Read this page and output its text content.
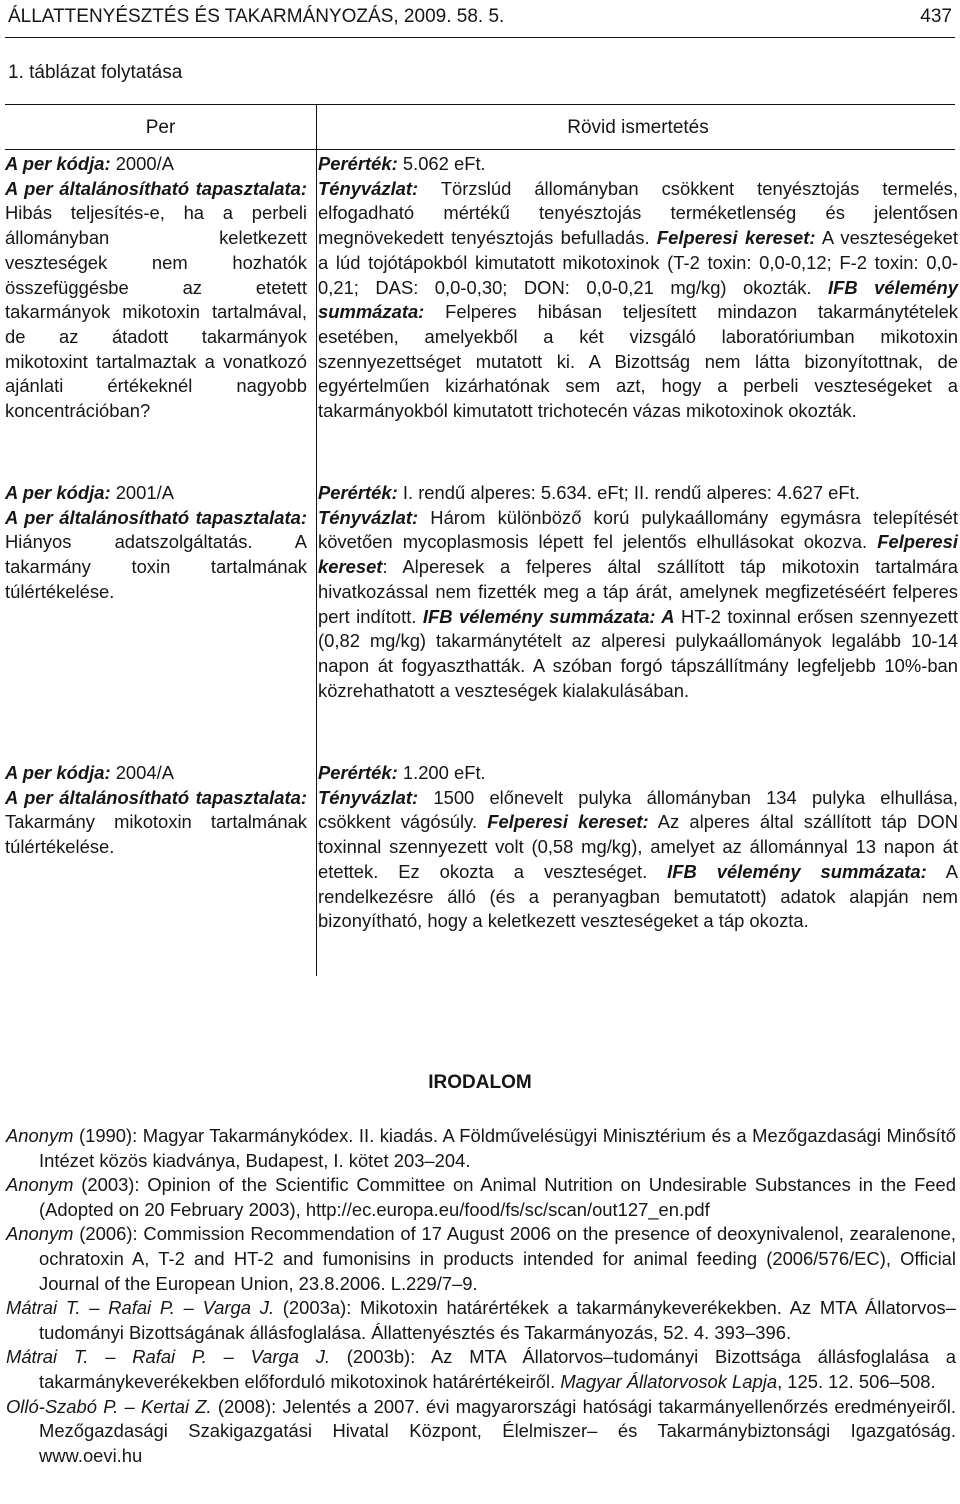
ÁLLATTENYÉSZTÉS ÉS TAKARMÁNYOZÁS, 2009. 58. 5.	437
1. táblázat folytatása
Per	Rövid ismertetés
A per kódja: 2000/A
A per általánosítható tapasztalata: Hibás teljesítés-e, ha a perbeli állományban keletkezett veszteségek nem hozhatók összefüggésbe az etetett takarmányok mikotoxin tartalmával, de az átadott takarmányok mikotoxint tartalmaztak a vonatkozó ajánlati értékeknél nagyobb koncentrációban?
Perérték: 5.062 eFt.
Tényvázlat: Törzslúd állományban csökkent tenyésztojás termelés, elfogadható mértékű tenyésztojás terméketlenség és jelentősen megnövekedett tenyésztojás befulladás. Felperesi kereset: A veszteségeket a lúd tojótápokból kimutatott mikotoxinok (T-2 toxin: 0,0-0,12; F-2 toxin: 0,0-0,21; DAS: 0,0-0,30; DON: 0,0-0,21 mg/kg) okozták. IFB vélemény summázata: Felperes hibásan teljesített mindazon takarmánytételek esetében, amelyekből a két vizsgáló laboratóriumban mikotoxin szennyezettséget mutatott ki. A Bizottság nem látta bizonyítottnak, de egyértelműen kizárhatónak sem azt, hogy a perbeli veszteségeket a takarmányokból kimutatott trichotecén vázas mikotoxinok okozták.
A per kódja: 2001/A
A per általánosítható tapasztalata: Hiányos adatszolgáltatás. A takarmány toxin tartalmának túlértékelése.
Perérték: I. rendű alperes: 5.634. eFt; II. rendű alperes: 4.627 eFt.
Tényvázlat: Három különböző korú pulykaállomány egymásra telepítését követően mycoplasmosis lépett fel jelentős elhullásokat okozva. Felperesi kereset: Alperesek a felperes által szállított táp mikotoxin tartalmára hivatkozással nem fizették meg a táp árát, amelynek megfizetéséért felperes pert indított. IFB vélemény summázata: A HT-2 toxinnal erősen szennyezett (0,82 mg/kg) takarmánytételt az alperesi pulykaállományok legalább 10-14 napon át fogyaszthatták. A szóban forgó tápszállítmány legfeljebb 10%-ban közrehathatott a veszteségek kialakulásában.
A per kódja: 2004/A
A per általánosítható tapasztalata: Takarmány mikotoxin tartalmának túlértékelése.
Perérték: 1.200 eFt.
Tényvázlat: 1500 előnevelt pulyka állományban 134 pulyka elhullása, csökkent vágósúly. Felperesi kereset: Az alperes által szállított táp DON toxinnal szennyezett volt (0,58 mg/kg), amelyet az állománnyal 13 napon át etettek. Ez okozta a veszteséget. IFB vélemény summázata: A rendelkezésre álló (és a peranyagban bemutatott) adatok alapján nem bizonyítható, hogy a keletkezett veszteségeket a táp okozta.
IRODALOM
Anonym (1990): Magyar Takarmánykódex. II. kiadás. A Földművelésügyi Minisztérium és a Mezőgazdasági Minősítő Intézet közös kiadványa, Budapest, I. kötet 203–204.
Anonym (2003): Opinion of the Scientific Committee on Animal Nutrition on Undesirable Substances in the Feed (Adopted on 20 February 2003), http://ec.europa.eu/food/fs/sc/scan/out127_en.pdf
Anonym (2006): Commission Recommendation of 17 August 2006 on the presence of deoxynivalenol, zearalenone, ochratoxin A, T-2 and HT-2 and fumonisins in products intended for animal feeding (2006/576/EC), Official Journal of the European Union, 23.8.2006. L.229/7–9.
Mátrai T. – Rafai P. – Varga J. (2003a): Mikotoxin határértékek a takarmánykeverékekben. Az MTA Állatorvos–tudományi Bizottságának állásfoglalása. Állattenyésztés és Takarmányozás, 52. 4. 393–396.
Mátrai T. – Rafai P. – Varga J. (2003b): Az MTA Állatorvos–tudományi Bizottsága állásfoglalása a takarmánykeverékekben előforduló mikotoxinok határértékeiről. Magyar Állatorvosok Lapja, 125. 12. 506–508.
Olló-Szabó P. – Kertai Z. (2008): Jelentés a 2007. évi magyarországi hatósági takarmányellenőrzés eredményeiről. Mezőgazdasági Szakigazgatási Hivatal Központ, Élelmiszer– és Takarmánybiztonsági Igazgatóság. www.oevi.hu
